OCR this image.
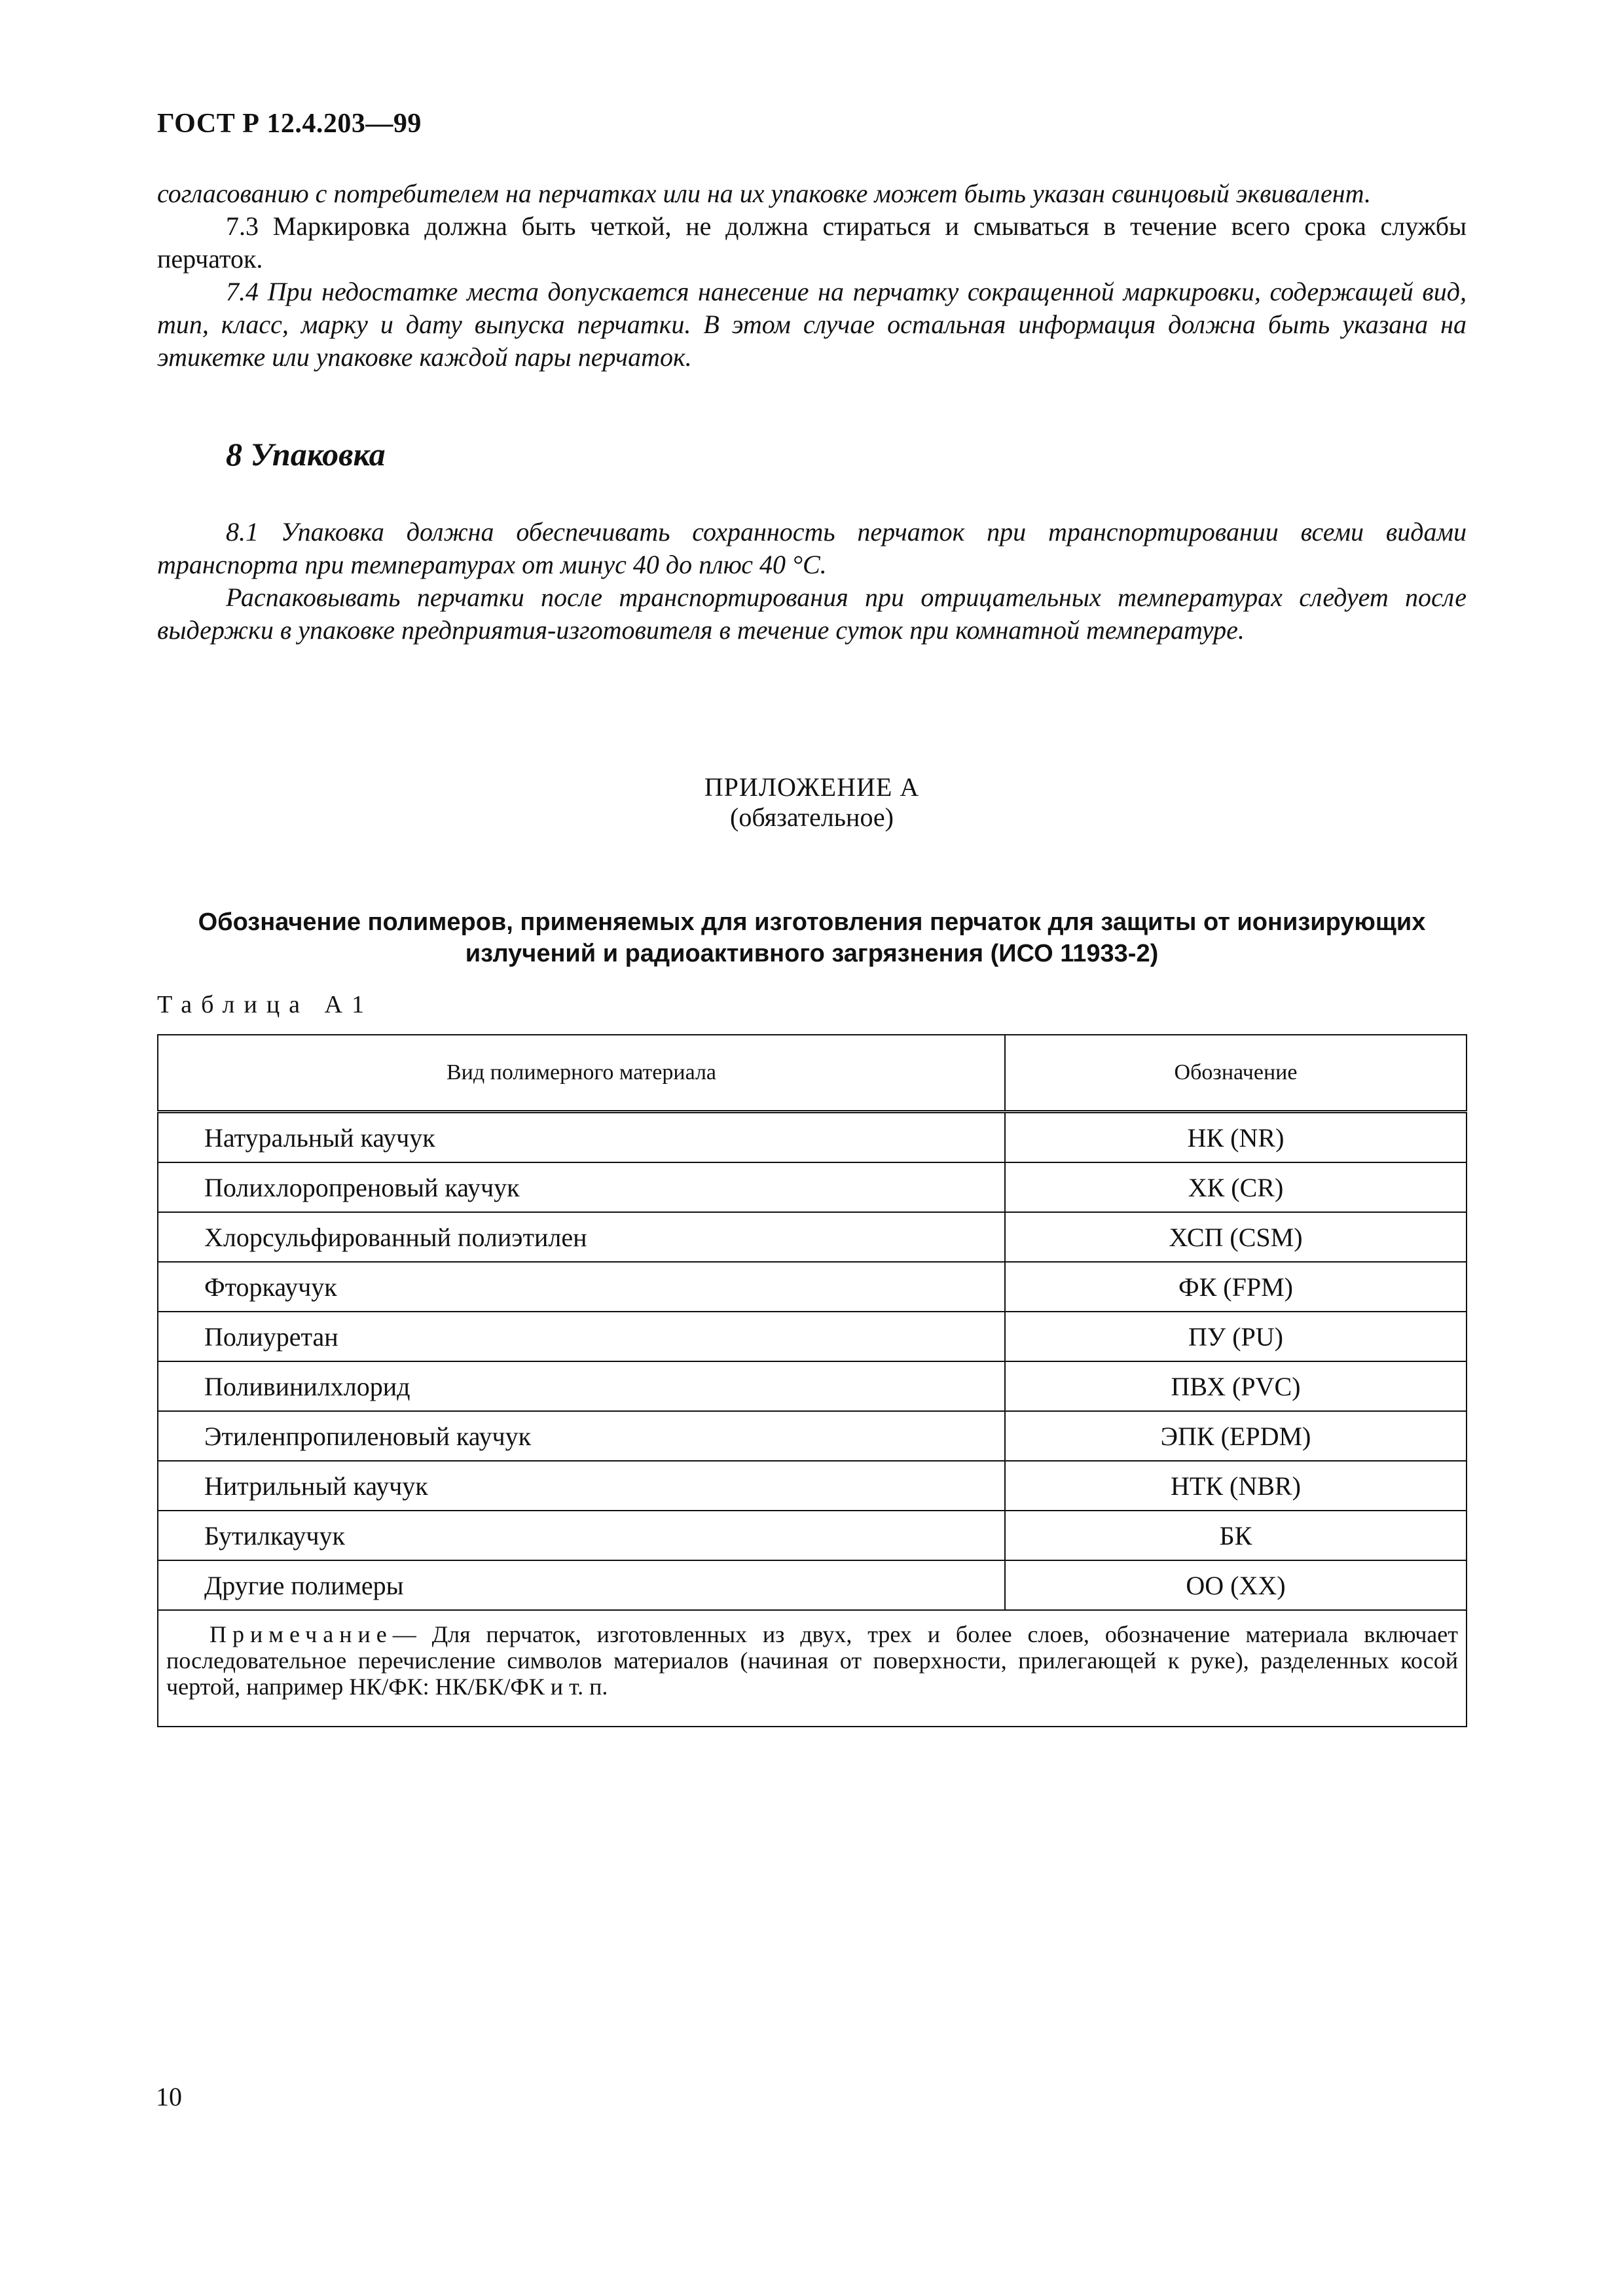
ГОСТ Р 12.4.203—99

согласованию с потребителем на перчатках или на их упаковке может быть указан свинцовый эквивалент.

7.3 Маркировка должна быть четкой, не должна стираться и смываться в течение всего срока службы перчаток.

7.4 При недостатке места допускается нанесение на перчатку сокращенной маркировки, содержащей вид, тип, класс, марку и дату выпуска перчатки. В этом случае остальная информация должна быть указана на этикетке или упаковке каждой пары перчаток.

8 Упаковка

8.1 Упаковка должна обеспечивать сохранность перчаток при транспортировании всеми видами транспорта при температурах от минус 40 до плюс 40 °С.

Распаковывать перчатки после транспортирования при отрицательных температурах следует после выдержки в упаковке предприятия-изготовителя в течение суток при комнатной температуре.

ПРИЛОЖЕНИЕ А
(обязательное)
Обозначение полимеров, применяемых для изготовления перчаток для защиты от ионизирующих
излучений и радиоактивного загрязнения (ИСО 11933-2)
Таблица А1
Вид полимерного материала	Обозначение
Натуральный каучук	НК (NR)
Полихлоропреновый каучук	ХК (CR)
Хлорсульфированный полиэтилен	ХСП (CSM)
Фторкаучук	ФК (FPM)
Полиуретан	ПУ (PU)
Поливинилхлорид	ПВХ (PVC)
Этиленпропиленовый каучук	ЭПК (EPDM)
Нитрильный каучук	НТК (NBR)
Бутилкаучук	БК
Другие полимеры	ОО (XX)
Примечание— Для перчаток, изготовленных из двух, трех и более слоев, обозначение материала включает последовательное перечисление символов материалов (начиная от поверхности, прилегающей к руке), разделенных косой чертой, например НК/ФК: НК/БК/ФК и т. п.	
10
